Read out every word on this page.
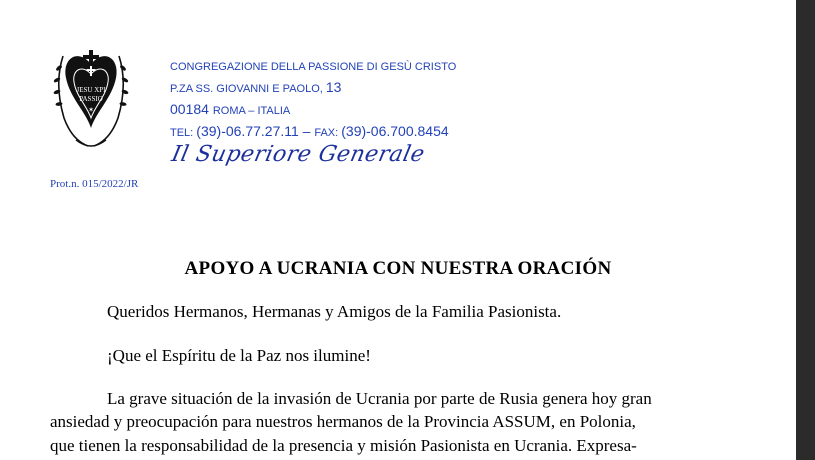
JESU XPI
PASSIO
✶
CONGREGAZIONE DELLA PASSIONE DI GESÙ CRISTO
P.ZA SS. GIOVANNI E PAOLO, 13
00184 ROMA – ITALIA
TEL: (39)-06.77.27.11 – FAX: (39)-06.700.8454
Il Superiore Generale
Prot.n. 015/2022/JR
APOYO A UCRANIA CON NUESTRA ORACIÓN
Queridos Hermanos, Hermanas y Amigos de la Familia Pasionista.
¡Que el Espíritu de la Paz nos ilumine!
La grave situación de la invasión de Ucrania por parte de Rusia genera hoy gran
ansiedad y preocupación para nuestros hermanos de la Provincia ASSUM, en Polonia,
que tienen la responsabilidad de la presencia y misión Pasionista en Ucrania. Expresa-
